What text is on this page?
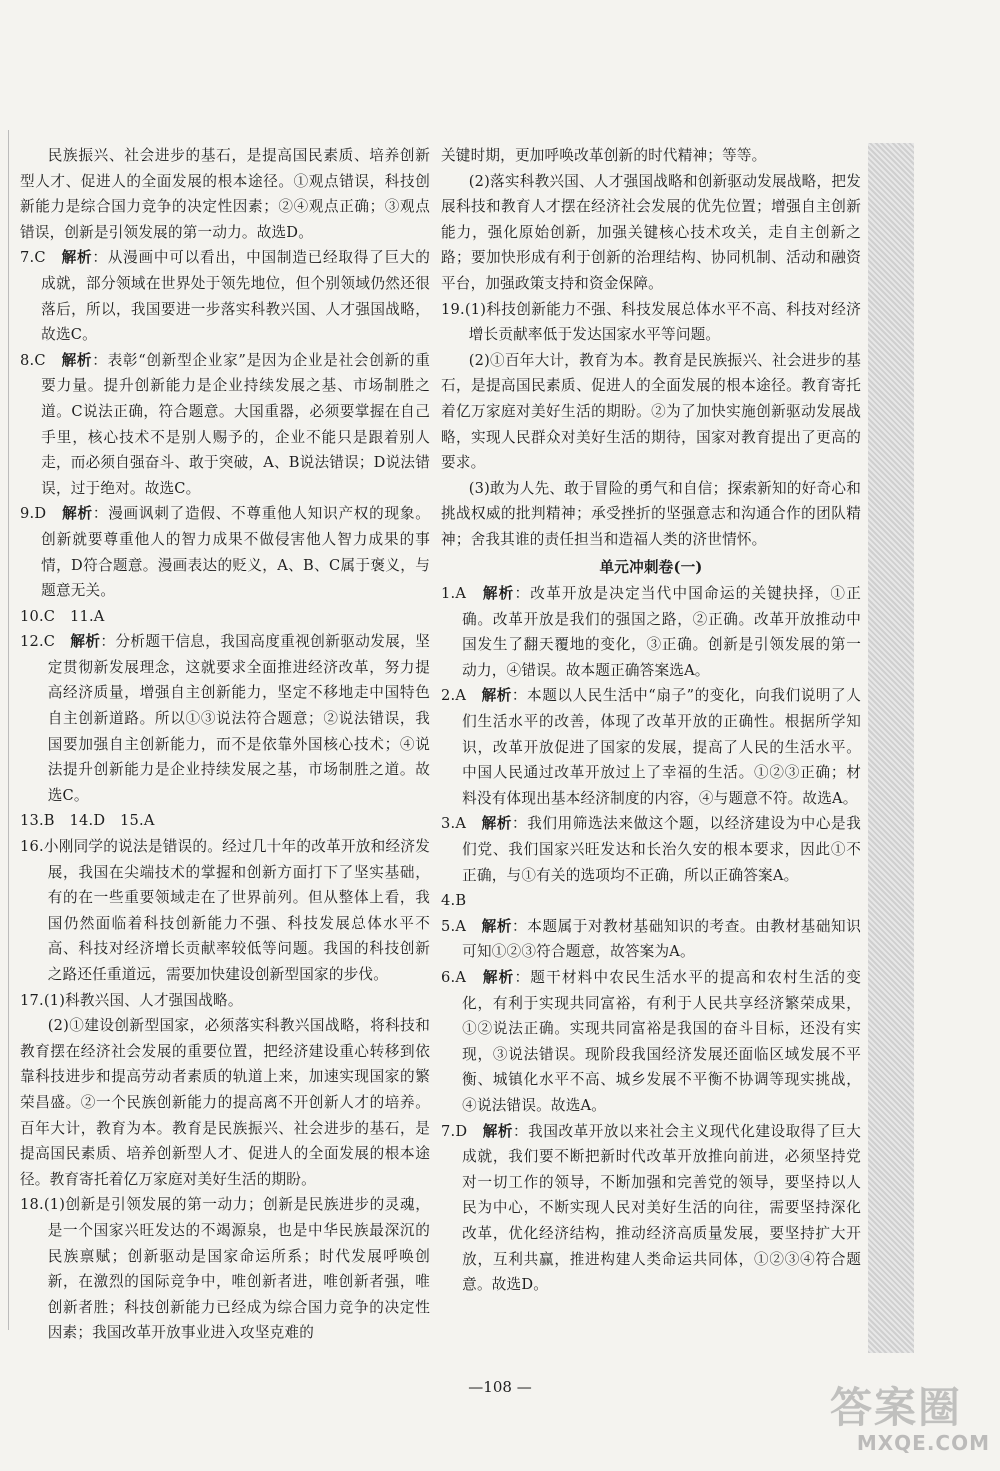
民族振兴、社会进步的基石，是提高国民素质、培养创新型人才、促进人的全面发展的根本途径。①观点错误，科技创新能力是综合国力竞争的决定性因素；②④观点正确；③观点错误，创新是引领发展的第一动力。故选D。

7.C　解析：从漫画中可以看出，中国制造已经取得了巨大的成就，部分领域在世界处于领先地位，但个别领域仍然还很落后，所以，我国要进一步落实科教兴国、人才强国战略，故选C。

8.C　解析：表彰“创新型企业家”是因为企业是社会创新的重要力量。提升创新能力是企业持续发展之基、市场制胜之道。C说法正确，符合题意。大国重器，必须要掌握在自己手里，核心技术不是别人赐予的，企业不能只是跟着别人走，而必须自强奋斗、敢于突破，A、B说法错误；D说法错误，过于绝对。故选C。

9.D　解析：漫画讽刺了造假、不尊重他人知识产权的现象。创新就要尊重他人的智力成果不做侵害他人智力成果的事情，D符合题意。漫画表达的贬义，A、B、C属于褒义，与题意无关。

10.C　11.A

12.C　解析：分析题干信息，我国高度重视创新驱动发展，坚定贯彻新发展理念，这就要求全面推进经济改革，努力提高经济质量，增强自主创新能力，坚定不移地走中国特色自主创新道路。所以①③说法符合题意；②说法错误，我国要加强自主创新能力，而不是依靠外国核心技术；④说法提升创新能力是企业持续发展之基，市场制胜之道。故选C。

13.B　14.D　15.A

16.小刚同学的说法是错误的。经过几十年的改革开放和经济发展，我国在尖端技术的掌握和创新方面打下了坚实基础，有的在一些重要领域走在了世界前列。但从整体上看，我国仍然面临着科技创新能力不强、科技发展总体水平不高、科技对经济增长贡献率较低等问题。我国的科技创新之路还任重道远，需要加快建设创新型国家的步伐。

17.(1)科教兴国、人才强国战略。

(2)①建设创新型国家，必须落实科教兴国战略，将科技和教育摆在经济社会发展的重要位置，把经济建设重心转移到依靠科技进步和提高劳动者素质的轨道上来，加速实现国家的繁荣昌盛。②一个民族创新能力的提高离不开创新人才的培养。百年大计，教育为本。教育是民族振兴、社会进步的基石，是提高国民素质、培养创新型人才、促进人的全面发展的根本途径。教育寄托着亿万家庭对美好生活的期盼。

18.(1)创新是引领发展的第一动力；创新是民族进步的灵魂，是一个国家兴旺发达的不竭源泉，也是中华民族最深沉的民族禀赋；创新驱动是国家命运所系；时代发展呼唤创新，在激烈的国际竞争中，唯创新者进，唯创新者强，唯创新者胜；科技创新能力已经成为综合国力竞争的决定性因素；我国改革开放事业进入攻坚克难的

关键时期，更加呼唤改革创新的时代精神；等等。

(2)落实科教兴国、人才强国战略和创新驱动发展战略，把发展科技和教育人才摆在经济社会发展的优先位置；增强自主创新能力，强化原始创新，加强关键核心技术攻关，走自主创新之路；要加快形成有利于创新的治理结构、协同机制、活动和融资平台，加强政策支持和资金保障。

19.(1)科技创新能力不强、科技发展总体水平不高、科技对经济增长贡献率低于发达国家水平等问题。

(2)①百年大计，教育为本。教育是民族振兴、社会进步的基石，是提高国民素质、促进人的全面发展的根本途径。教育寄托着亿万家庭对美好生活的期盼。②为了加快实施创新驱动发展战略，实现人民群众对美好生活的期待，国家对教育提出了更高的要求。

(3)敢为人先、敢于冒险的勇气和自信；探索新知的好奇心和挑战权威的批判精神；承受挫折的坚强意志和沟通合作的团队精神；舍我其谁的责任担当和造福人类的济世情怀。

单元冲刺卷(一)

1.A　解析：改革开放是决定当代中国命运的关键抉择，①正确。改革开放是我们的强国之路，②正确。改革开放推动中国发生了翻天覆地的变化，③正确。创新是引领发展的第一动力，④错误。故本题正确答案选A。

2.A　解析：本题以人民生活中“扇子”的变化，向我们说明了人们生活水平的改善，体现了改革开放的正确性。根据所学知识，改革开放促进了国家的发展，提高了人民的生活水平。中国人民通过改革开放过上了幸福的生活。①②③正确；材料没有体现出基本经济制度的内容，④与题意不符。故选A。

3.A　解析：我们用筛选法来做这个题，以经济建设为中心是我们党、我们国家兴旺发达和长治久安的根本要求，因此①不正确，与①有关的选项均不正确，所以正确答案A。

4.B

5.A　解析：本题属于对教材基础知识的考查。由教材基础知识可知①②③符合题意，故答案为A。

6.A　解析：题干材料中农民生活水平的提高和农村生活的变化，有利于实现共同富裕，有利于人民共享经济繁荣成果，①②说法正确。实现共同富裕是我国的奋斗目标，还没有实现，③说法错误。现阶段我国经济发展还面临区域发展不平衡、城镇化水平不高、城乡发展不平衡不协调等现实挑战，④说法错误。故选A。

7.D　解析：我国改革开放以来社会主义现代化建设取得了巨大成就，我们要不断把新时代改革开放推向前进，必须坚持党对一切工作的领导，不断加强和完善党的领导，要坚持以人民为中心，不断实现人民对美好生活的向往，需要坚持深化改革，优化经济结构，推动经济高质量发展，要坚持扩大开放，互利共赢，推进构建人类命运共同体，①②③④符合题意。故选D。

—108 —	答案圈
MXQE.COM
